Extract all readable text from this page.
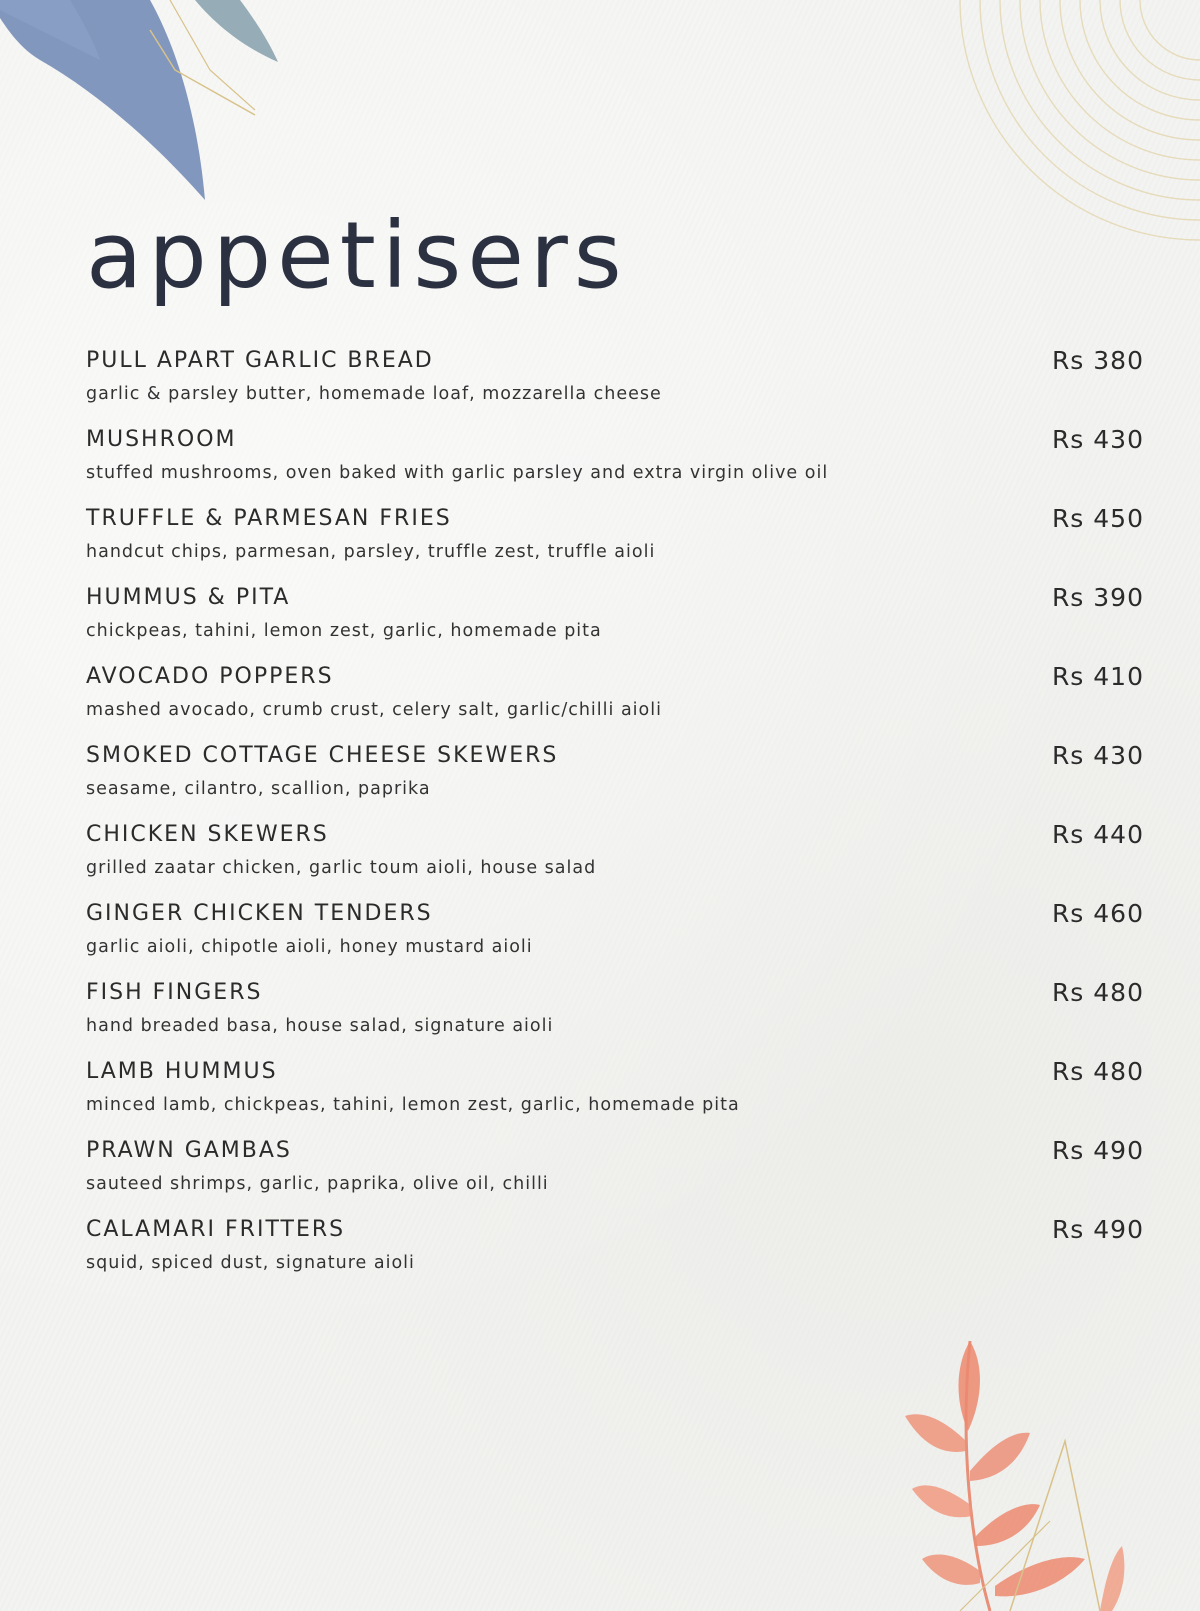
appetisers
PULL APART GARLIC BREAD	Rs 380
garlic & parsley butter, homemade loaf, mozzarella cheese
MUSHROOM	Rs 430
stuffed mushrooms, oven baked with garlic parsley and extra virgin olive oil
TRUFFLE & PARMESAN FRIES	Rs 450
handcut chips, parmesan, parsley, truffle zest, truffle aioli
HUMMUS & PITA	Rs 390
chickpeas, tahini, lemon zest, garlic, homemade pita
AVOCADO POPPERS	Rs 410
mashed avocado, crumb crust, celery salt, garlic/chilli aioli
SMOKED COTTAGE CHEESE SKEWERS	Rs 430
seasame, cilantro, scallion, paprika
CHICKEN SKEWERS	Rs 440
grilled zaatar chicken, garlic toum aioli, house salad
GINGER CHICKEN TENDERS	Rs 460
garlic aioli, chipotle aioli, honey mustard aioli
FISH FINGERS	Rs 480
hand breaded basa, house salad, signature aioli
LAMB HUMMUS	Rs 480
minced lamb, chickpeas, tahini, lemon zest, garlic, homemade pita
PRAWN GAMBAS	Rs 490
sauteed shrimps, garlic, paprika, olive oil, chilli
CALAMARI FRITTERS	Rs 490
squid, spiced dust, signature aioli
